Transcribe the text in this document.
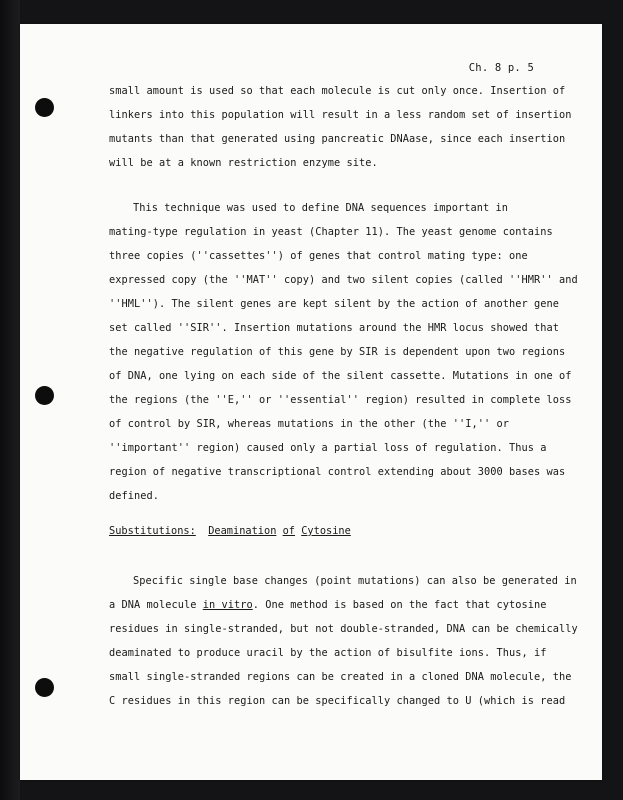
Ch. 8 p. 5
small amount is used so that each molecule is cut only once. Insertion of
linkers into this population will result in a less random set of insertion
mutants than that generated using pancreatic DNAase, since each insertion
will be at a known restriction enzyme site.
This technique was used to define DNA sequences important in
mating-type regulation in yeast (Chapter 11). The yeast genome contains
three copies (''cassettes'') of genes that control mating type: one
expressed copy (the ''MAT'' copy) and two silent copies (called ''HMR'' and
''HML''). The silent genes are kept silent by the action of another gene
set called ''SIR''. Insertion mutations around the HMR locus showed that
the negative regulation of this gene by SIR is dependent upon two regions
of DNA, one lying on each side of the silent cassette. Mutations in one of
the regions (the ''E,'' or ''essential'' region) resulted in complete loss
of control by SIR, whereas mutations in the other (the ''I,'' or
''important'' region) caused only a partial loss of regulation. Thus a
region of negative transcriptional control extending about 3000 bases was
defined.
Substitutions: Deamination of Cytosine
Specific single base changes (point mutations) can also be generated in
a DNA molecule in vitro. One method is based on the fact that cytosine
residues in single-stranded, but not double-stranded, DNA can be chemically
deaminated to produce uracil by the action of bisulfite ions. Thus, if
small single-stranded regions can be created in a cloned DNA molecule, the
C residues in this region can be specifically changed to U (which is read
